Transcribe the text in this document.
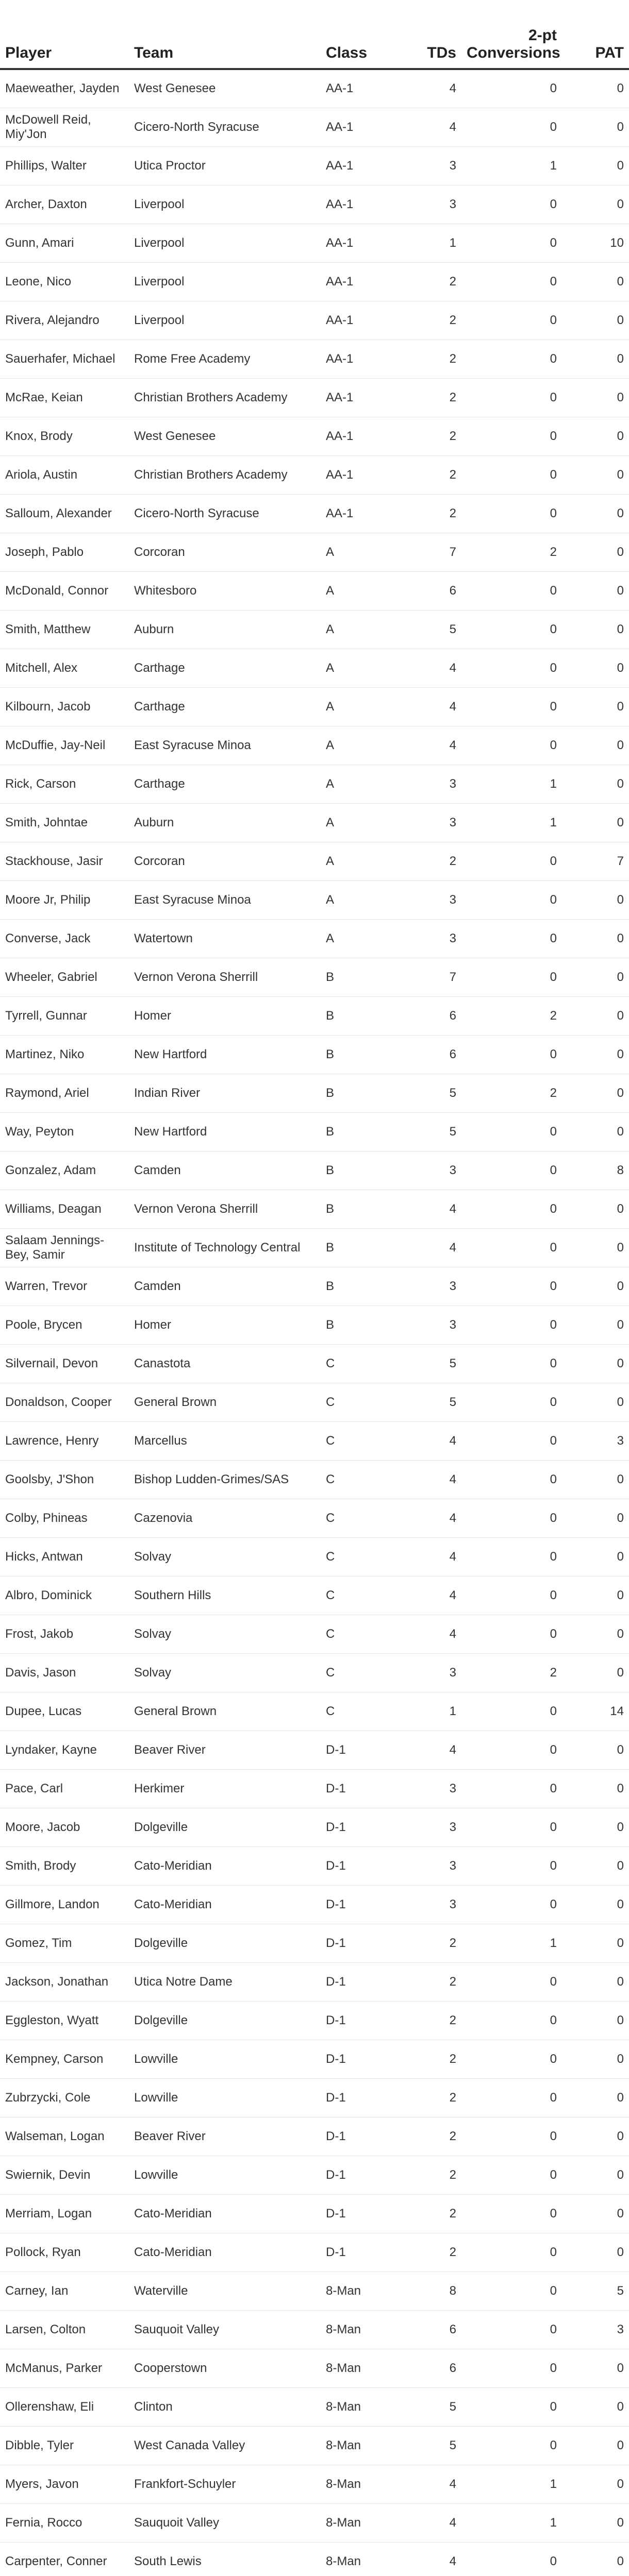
Player	Team	Class	TDs	2-pt Conversions	PAT
Maeweather, Jayden	West Genesee	AA-1	4	0	0
McDowell Reid, Miy'Jon	Cicero-North Syracuse	AA-1	4	0	0
Phillips, Walter	Utica Proctor	AA-1	3	1	0
Archer, Daxton	Liverpool	AA-1	3	0	0
Gunn, Amari	Liverpool	AA-1	1	0	10
Leone, Nico	Liverpool	AA-1	2	0	0
Rivera, Alejandro	Liverpool	AA-1	2	0	0
Sauerhafer, Michael	Rome Free Academy	AA-1	2	0	0
McRae, Keian	Christian Brothers Academy	AA-1	2	0	0
Knox, Brody	West Genesee	AA-1	2	0	0
Ariola, Austin	Christian Brothers Academy	AA-1	2	0	0
Salloum, Alexander	Cicero-North Syracuse	AA-1	2	0	0
Joseph, Pablo	Corcoran	A	7	2	0
McDonald, Connor	Whitesboro	A	6	0	0
Smith, Matthew	Auburn	A	5	0	0
Mitchell, Alex	Carthage	A	4	0	0
Kilbourn, Jacob	Carthage	A	4	0	0
McDuffie, Jay-Neil	East Syracuse Minoa	A	4	0	0
Rick, Carson	Carthage	A	3	1	0
Smith, Johntae	Auburn	A	3	1	0
Stackhouse, Jasir	Corcoran	A	2	0	7
Moore Jr, Philip	East Syracuse Minoa	A	3	0	0
Converse, Jack	Watertown	A	3	0	0
Wheeler, Gabriel	Vernon Verona Sherrill	B	7	0	0
Tyrrell, Gunnar	Homer	B	6	2	0
Martinez, Niko	New Hartford	B	6	0	0
Raymond, Ariel	Indian River	B	5	2	0
Way, Peyton	New Hartford	B	5	0	0
Gonzalez, Adam	Camden	B	3	0	8
Williams, Deagan	Vernon Verona Sherrill	B	4	0	0
Salaam Jennings-Bey, Samir	Institute of Technology Central	B	4	0	0
Warren, Trevor	Camden	B	3	0	0
Poole, Brycen	Homer	B	3	0	0
Silvernail, Devon	Canastota	C	5	0	0
Donaldson, Cooper	General Brown	C	5	0	0
Lawrence, Henry	Marcellus	C	4	0	3
Goolsby, J'Shon	Bishop Ludden-Grimes/SAS	C	4	0	0
Colby, Phineas	Cazenovia	C	4	0	0
Hicks, Antwan	Solvay	C	4	0	0
Albro, Dominick	Southern Hills	C	4	0	0
Frost, Jakob	Solvay	C	4	0	0
Davis, Jason	Solvay	C	3	2	0
Dupee, Lucas	General Brown	C	1	0	14
Lyndaker, Kayne	Beaver River	D-1	4	0	0
Pace, Carl	Herkimer	D-1	3	0	0
Moore, Jacob	Dolgeville	D-1	3	0	0
Smith, Brody	Cato-Meridian	D-1	3	0	0
Gillmore, Landon	Cato-Meridian	D-1	3	0	0
Gomez, Tim	Dolgeville	D-1	2	1	0
Jackson, Jonathan	Utica Notre Dame	D-1	2	0	0
Eggleston, Wyatt	Dolgeville	D-1	2	0	0
Kempney, Carson	Lowville	D-1	2	0	0
Zubrzycki, Cole	Lowville	D-1	2	0	0
Walseman, Logan	Beaver River	D-1	2	0	0
Swiernik, Devin	Lowville	D-1	2	0	0
Merriam, Logan	Cato-Meridian	D-1	2	0	0
Pollock, Ryan	Cato-Meridian	D-1	2	0	0
Carney, Ian	Waterville	8-Man	8	0	5
Larsen, Colton	Sauquoit Valley	8-Man	6	0	3
McManus, Parker	Cooperstown	8-Man	6	0	0
Ollerenshaw, Eli	Clinton	8-Man	5	0	0
Dibble, Tyler	West Canada Valley	8-Man	5	0	0
Myers, Javon	Frankfort-Schuyler	8-Man	4	1	0
Fernia, Rocco	Sauquoit Valley	8-Man	4	1	0
Carpenter, Conner	South Lewis	8-Man	4	0	0
